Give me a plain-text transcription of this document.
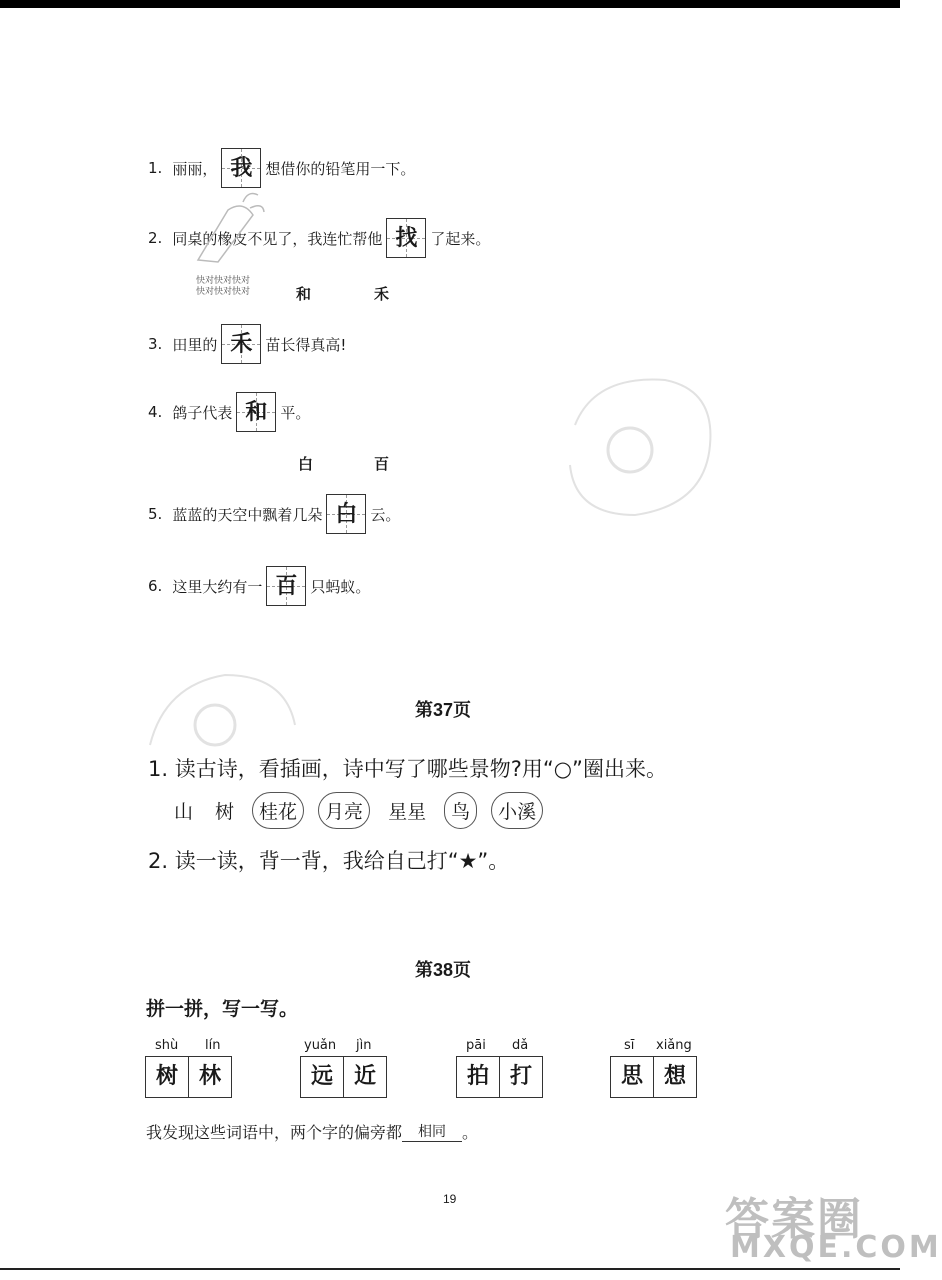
1. 丽丽， 我 想借你的铅笔用一下。
2. 同桌的橡皮不见了，我连忙帮他 找 了起来。
快对快对快对
快对快对快对	和	禾
3. 田里的 禾 苗长得真高!
4. 鸽子代表 和 平。
白	百
5. 蓝蓝的天空中飘着几朵 白 云。
6. 这里大约有一 百 只蚂蚁。
第37页
1. 读古诗，看插画，诗中写了哪些景物?用“○”圈出来。
山 树	桂花	月亮	星星	鸟	小溪
2. 读一读，背一背，我给自己打“★”。
第38页
拼一拼，写一写。
shù lín
树 林
yuǎn jìn
远 近
pāi dǎ
拍 打
sī xiǎng
思 想
我发现这些词语中，两个字的偏旁都	相同	。
19	答案圈
MXQE.COM
